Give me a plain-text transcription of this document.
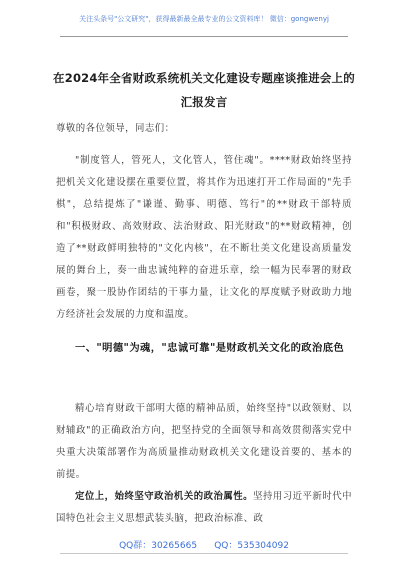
关注头条号"公文研究"，获得最新最全最专业的公文资料库！ 微信：gongwenyj
在2024年全省财政系统机关文化建设专题座谈推进会上的
汇报发言
尊敬的各位领导，同志们：
"制度管人，管死人，文化管人，管住魂"。****财政始终坚持把机关文化建设摆在重要位置，将其作为迅速打开工作局面的"先手棋"，总结提炼了"谦谨、勤事、明德、笃行"的**财政干部特质和"积极财政、高效财政、法治财政、阳光财政"的**财政精神，创造了**财政鲜明独特的"文化内核"，在不断壮美文化建设高质量发展的舞台上，奏一曲忠诚纯粹的奋进乐章，绘一幅为民奉署的财政画卷，聚一股协作团结的干事力量，让文化的厚度赋予财政助力地方经济社会发展的力度和温度。
一、"明德"为魂，"忠诚可靠"是财政机关文化的政治底色
精心培育财政干部明大德的精神品质，始终坚持"以政领财、以财辅政"的正确政治方向，把坚持党的全面领导和高效贯彻落实党中央重大决策部署作为高质量推动财政机关文化建设首要的、基本的前提。
定位上，始终坚守政治机关的政治属性。坚持用习近平新时代中国特色社会主义思想武装头脑，把政治标准、政
QQ群：30265665 QQ：535304092
